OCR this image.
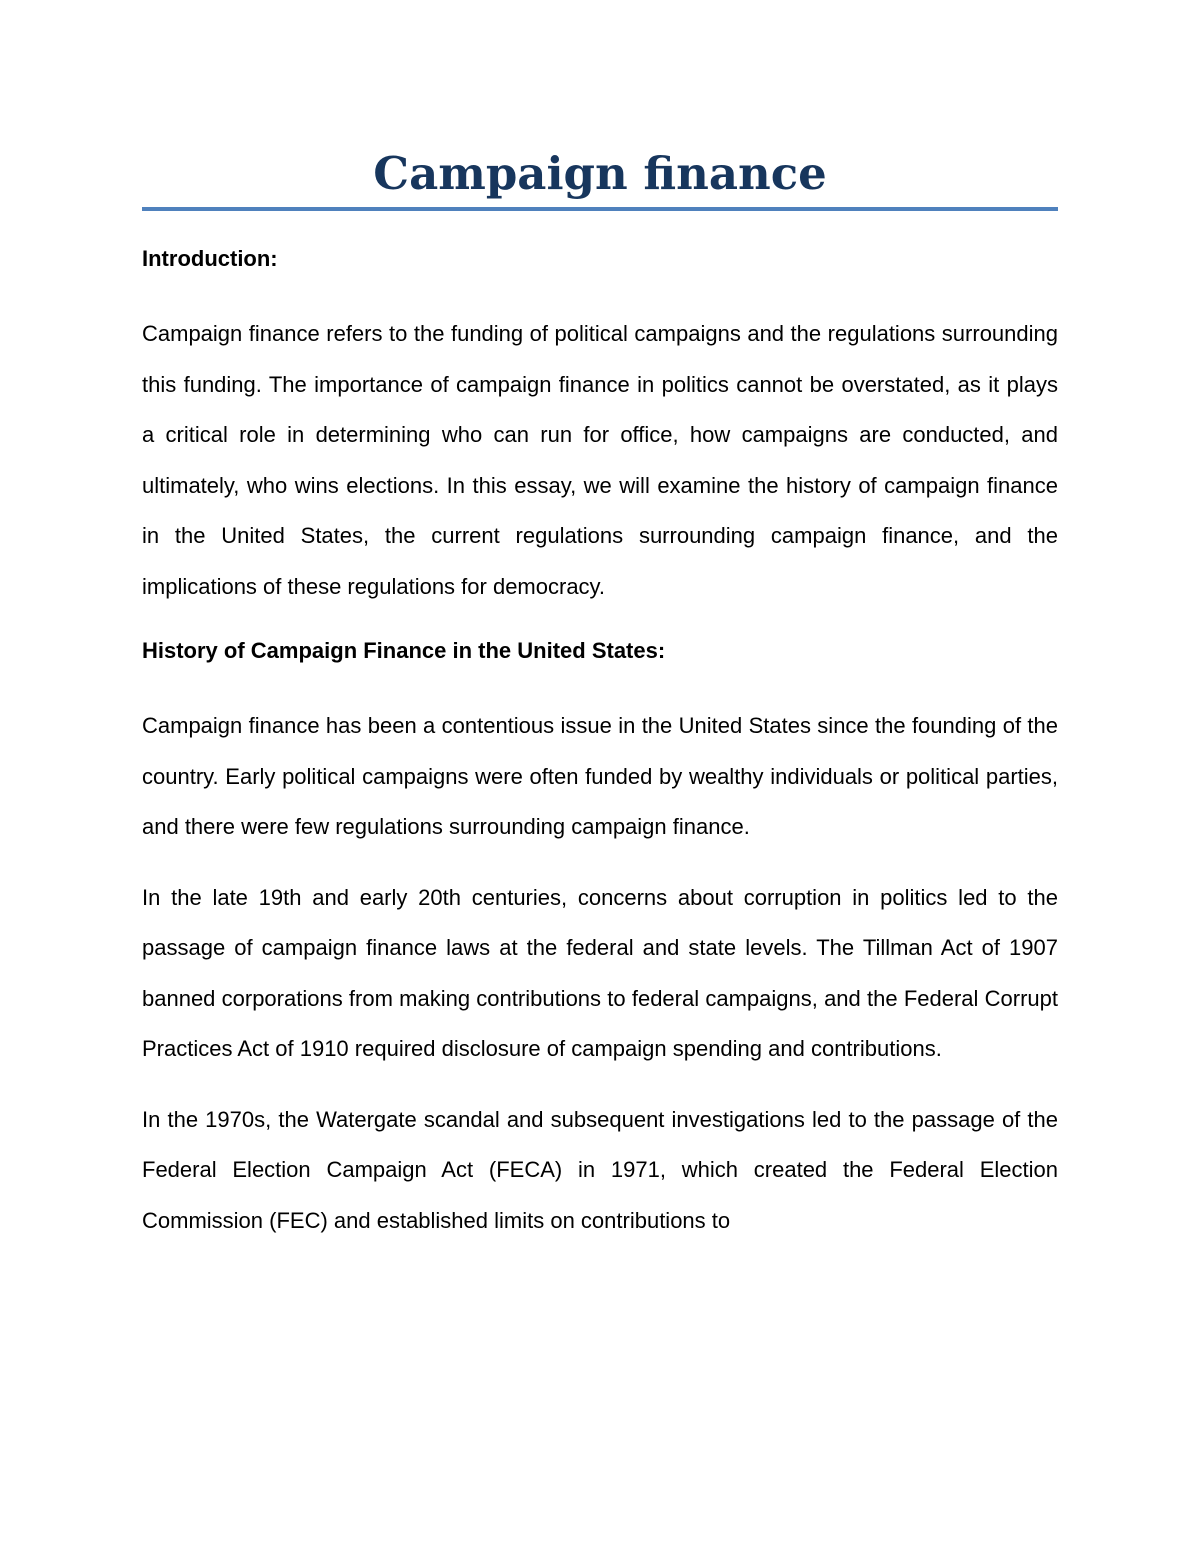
Campaign finance

Introduction:

Campaign finance refers to the funding of political campaigns and the regulations surrounding this funding. The importance of campaign finance in politics cannot be overstated, as it plays a critical role in determining who can run for office, how campaigns are conducted, and ultimately, who wins elections. In this essay, we will examine the history of campaign finance in the United States, the current regulations surrounding campaign finance, and the implications of these regulations for democracy.

History of Campaign Finance in the United States:

Campaign finance has been a contentious issue in the United States since the founding of the country. Early political campaigns were often funded by wealthy individuals or political parties, and there were few regulations surrounding campaign finance.

In the late 19th and early 20th centuries, concerns about corruption in politics led to the passage of campaign finance laws at the federal and state levels. The Tillman Act of 1907 banned corporations from making contributions to federal campaigns, and the Federal Corrupt Practices Act of 1910 required disclosure of campaign spending and contributions.

In the 1970s, the Watergate scandal and subsequent investigations led to the passage of the Federal Election Campaign Act (FECA) in 1971, which created the Federal Election Commission (FEC) and established limits on contributions to
